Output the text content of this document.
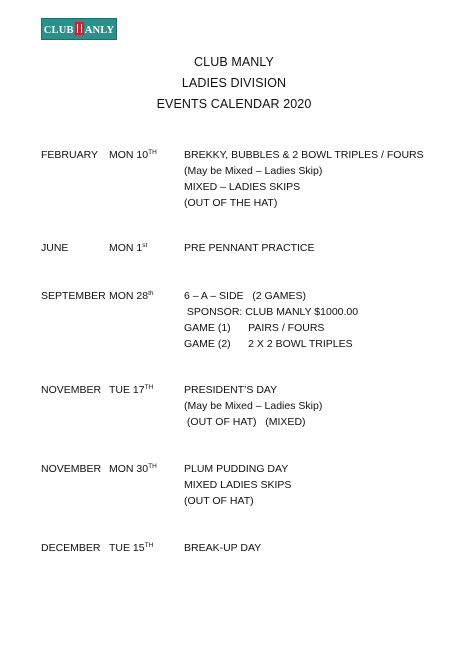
CLUB ANLY
CLUB MANLY
LADIES DIVISION
EVENTS CALENDAR 2020
FEBRUARY MON 10TH	BREKKY, BUBBLES & 2 BOWL TRIPLES / FOURS
(May be Mixed – Ladies Skip)
MIXED – LADIES SKIPS
(OUT OF THE HAT)
JUNE	MON 1st	PRE PENNANT PRACTICE
SEPTEMBER MON 28th	6 – A – SIDE   (2 GAMES)
SPONSOR: CLUB MANLY $1000.00
GAME (1)      PAIRS / FOURS
GAME (2)      2 X 2 BOWL TRIPLES
NOVEMBER TUE 17TH	PRESIDENT’S DAY
(May be Mixed – Ladies Skip)
(OUT OF HAT)   (MIXED)
NOVEMBER MON 30TH	PLUM PUDDING DAY
MIXED LADIES SKIPS
(OUT OF HAT)
DECEMBER TUE 15TH	BREAK-UP DAY
